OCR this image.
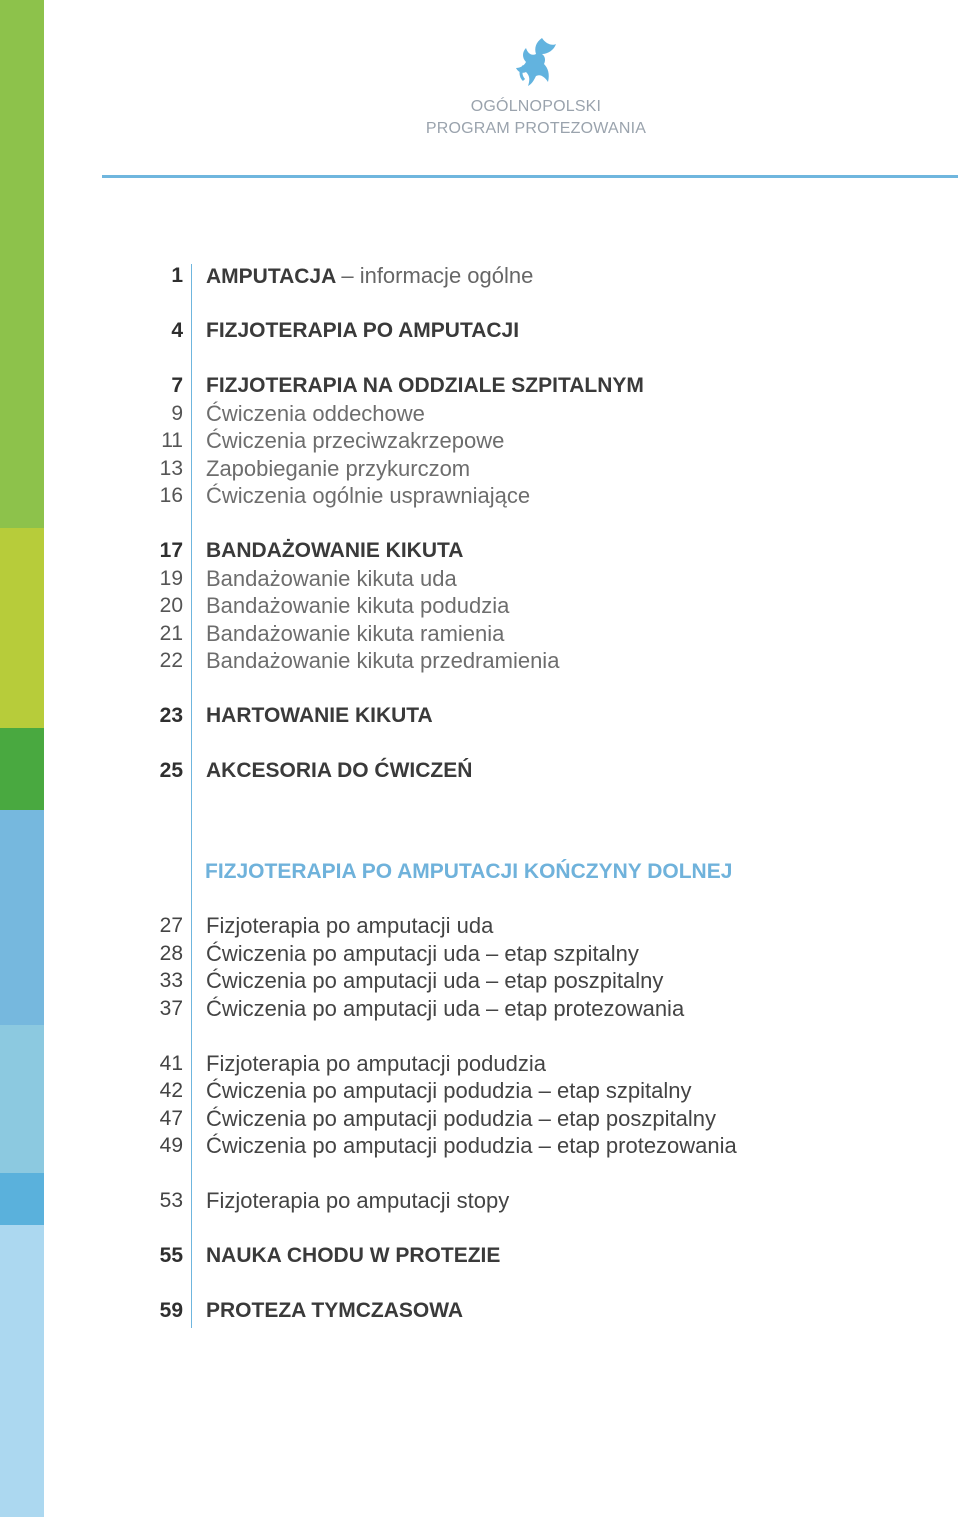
OGÓLNOPOLSKI
PROGRAM PROTEZOWANIA
1 AMPUTACJA – informacje ogólne
4 FIZJOTERAPIA PO AMPUTACJI
7 FIZJOTERAPIA NA ODDZIALE SZPITALNYM
9 Ćwiczenia oddechowe
11 Ćwiczenia przeciwzakrzepowe
13 Zapobieganie przykurczom
16 Ćwiczenia ogólnie usprawniające
17 BANDAŻOWANIE KIKUTA
19 Bandażowanie kikuta uda
20 Bandażowanie kikuta podudzia
21 Bandażowanie kikuta ramienia
22 Bandażowanie kikuta przedramienia
23 HARTOWANIE KIKUTA
25 AKCESORIA DO ĆWICZEŃ
FIZJOTERAPIA PO AMPUTACJI KOŃCZYNY DOLNEJ
27 Fizjoterapia po amputacji uda
28 Ćwiczenia po amputacji uda – etap szpitalny
33 Ćwiczenia po amputacji uda – etap poszpitalny
37 Ćwiczenia po amputacji uda – etap protezowania
41 Fizjoterapia po amputacji podudzia
42 Ćwiczenia po amputacji podudzia – etap szpitalny
47 Ćwiczenia po amputacji podudzia – etap poszpitalny
49 Ćwiczenia po amputacji podudzia – etap protezowania
53 Fizjoterapia po amputacji stopy
55 NAUKA CHODU W PROTEZIE
59 PROTEZA TYMCZASOWA
